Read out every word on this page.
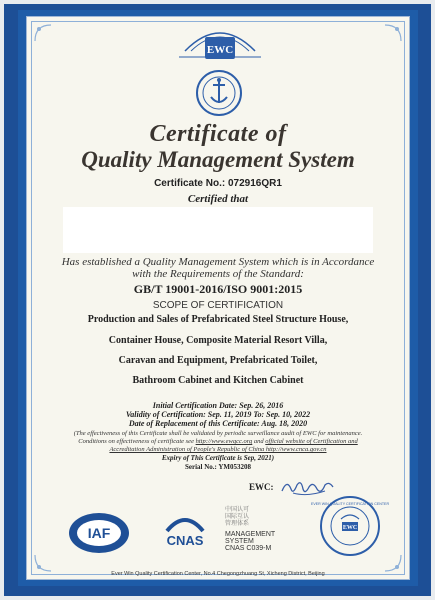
EWC
Certificate of
Quality Management System
Certificate No.: 072916QR1
Certified that
Has established a Quality Management System which is in Accordance
with the Requirements of the Standard:
GB/T 19001-2016/ISO 9001:2015
SCOPE OF CERTIFICATION
Production and Sales of Prefabricated Steel Structure House,
Container House, Composite Material Resort Villa,
Caravan and Equipment, Prefabricated Toilet,
Bathroom Cabinet and Kitchen Cabinet
Initial Certification Date: Sep. 26, 2016
Validity of Certification: Sep. 11, 2019 To: Sep. 10, 2022
Date of Replacement of this Certificate: Aug. 18, 2020
(The effectiveness of this Certificate shall be validated by periodic surveillance audit of EWC for maintenance.
Conditions on effectiveness of certificate see http://www.ewqcc.org and official website of Certification and
Accreditation Administration of People's Republic of China http://www.cnca.gov.cn
Expiry of This Certificate is Sep, 2021)
Serial No.: YM053208
EWC:
IAF	CNAS
中国认可
国际互认
管理体系
MANAGEMENT SYSTEM
CNAS C039-M
EWC
EVER WIN QUALITY CERTIFICATION CENTER
Ever Win Quality Certification Center, No.4 Chegongzhuang St, Xicheng District, Beijing
